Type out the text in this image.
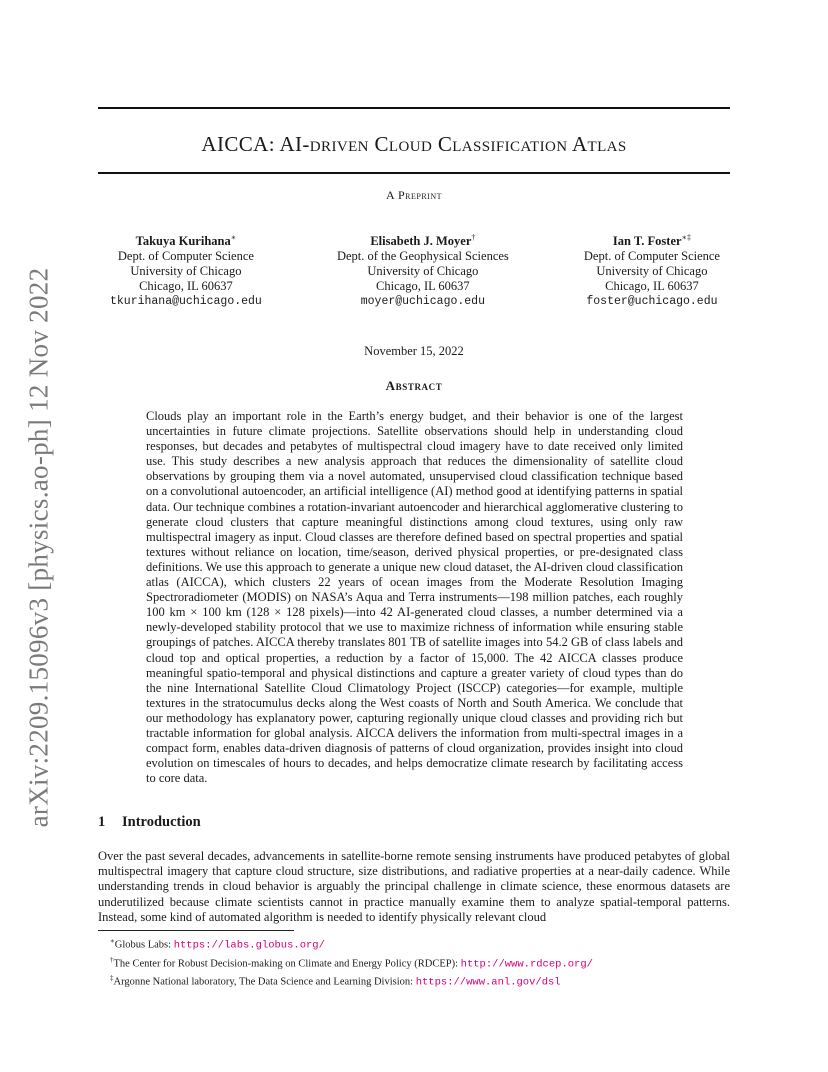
arXiv:2209.15096v3 [physics.ao-ph] 12 Nov 2022
AICCA: AI-driven Cloud Classification Atlas
A Preprint
Takuya Kurihana∗
Dept. of Computer Science
University of Chicago
Chicago, IL 60637
tkurihana@uchicago.edu
Elisabeth J. Moyer†
Dept. of the Geophysical Sciences
University of Chicago
Chicago, IL 60637
moyer@uchicago.edu
Ian T. Foster∗‡
Dept. of Computer Science
University of Chicago
Chicago, IL 60637
foster@uchicago.edu
November 15, 2022
Abstract
Clouds play an important role in the Earth’s energy budget, and their behavior is one of the largest uncertainties in future climate projections. Satellite observations should help in understanding cloud responses, but decades and petabytes of multispectral cloud imagery have to date received only limited use. This study describes a new analysis approach that reduces the dimensionality of satellite cloud observations by grouping them via a novel automated, unsupervised cloud classification technique based on a convolutional autoencoder, an artificial intelligence (AI) method good at identifying patterns in spatial data. Our technique combines a rotation-invariant autoencoder and hierarchical agglomerative clustering to generate cloud clusters that capture meaningful distinctions among cloud textures, using only raw multispectral imagery as input. Cloud classes are therefore defined based on spectral properties and spatial textures without reliance on location, time/season, derived physical properties, or pre-designated class definitions. We use this approach to generate a unique new cloud dataset, the AI-driven cloud classification atlas (AICCA), which clusters 22 years of ocean images from the Moderate Resolution Imaging Spectroradiometer (MODIS) on NASA’s Aqua and Terra instruments—198 million patches, each roughly 100 km × 100 km (128 × 128 pixels)—into 42 AI-generated cloud classes, a number determined via a newly-developed stability protocol that we use to maximize richness of information while ensuring stable groupings of patches. AICCA thereby translates 801 TB of satellite images into 54.2 GB of class labels and cloud top and optical properties, a reduction by a factor of 15,000. The 42 AICCA classes produce meaningful spatio-temporal and physical distinctions and capture a greater variety of cloud types than do the nine International Satellite Cloud Climatology Project (ISCCP) categories—for example, multiple textures in the stratocumulus decks along the West coasts of North and South America. We conclude that our methodology has explanatory power, capturing regionally unique cloud classes and providing rich but tractable information for global analysis. AICCA delivers the information from multi-spectral images in a compact form, enables data-driven diagnosis of patterns of cloud organization, provides insight into cloud evolution on timescales of hours to decades, and helps democratize climate research by facilitating access to core data.
1 Introduction
Over the past several decades, advancements in satellite-borne remote sensing instruments have produced petabytes of global multispectral imagery that capture cloud structure, size distributions, and radiative properties at a near-daily cadence. While understanding trends in cloud behavior is arguably the principal challenge in climate science, these enormous datasets are underutilized because climate scientists cannot in practice manually examine them to analyze spatial-temporal patterns. Instead, some kind of automated algorithm is needed to identify physically relevant cloud
∗Globus Labs: https://labs.globus.org/
†The Center for Robust Decision-making on Climate and Energy Policy (RDCEP): http://www.rdcep.org/
‡Argonne National laboratory, The Data Science and Learning Division: https://www.anl.gov/dsl
